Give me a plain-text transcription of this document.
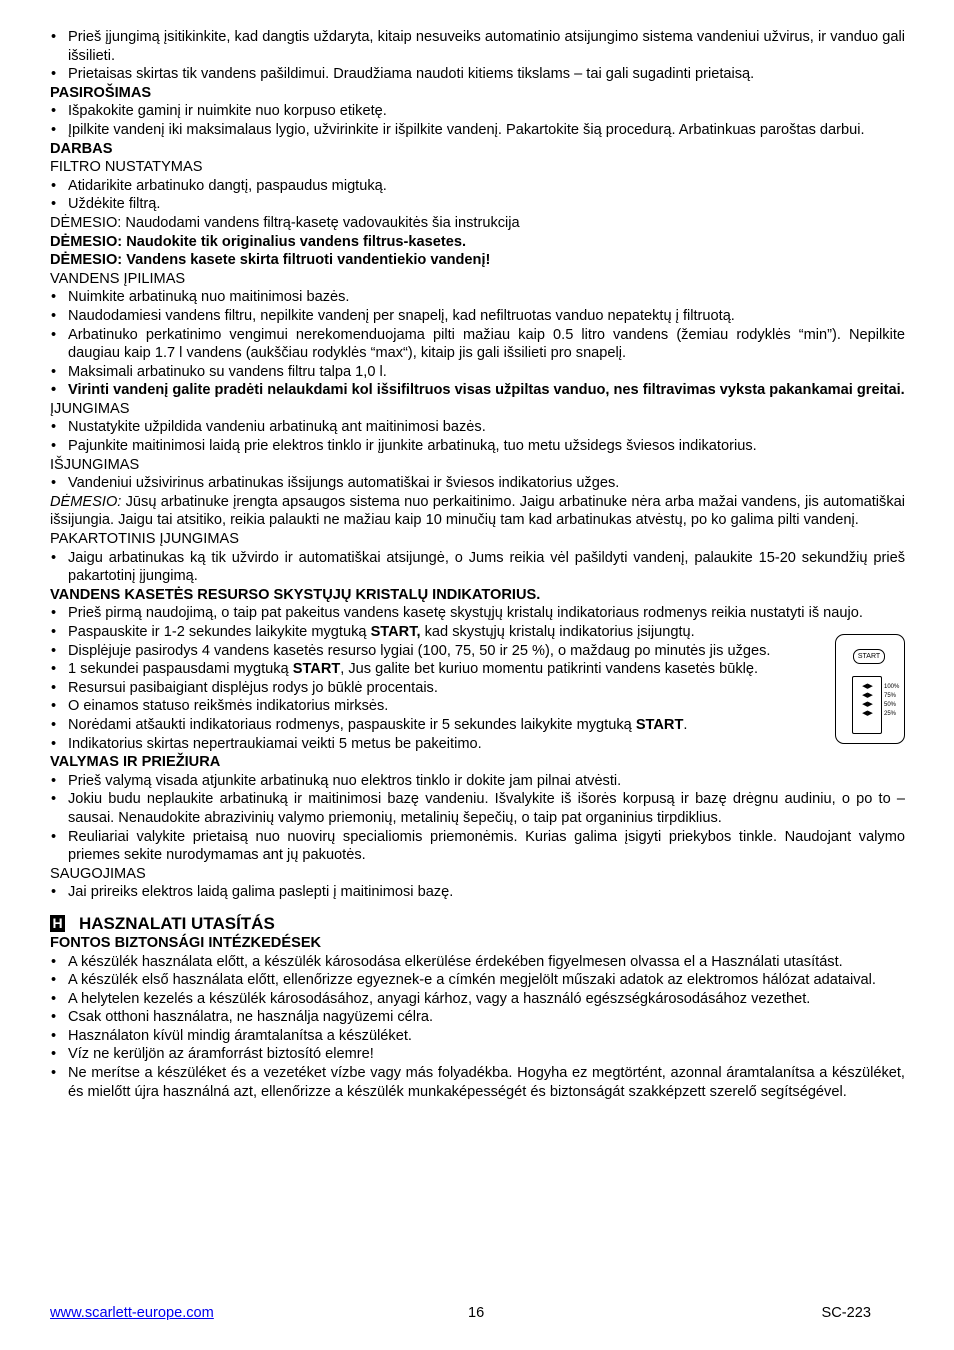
• Prieš įjungimą įsitikinkite, kad dangtis uždaryta, kitaip nesuveiks automatinio atsijungimo sistema vandeniui užvirus, ir vanduo gali išsilieti.
• Prietaisas skirtas tik vandens pašildimui. Draudžiama naudoti kitiems tikslams – tai gali sugadinti prietaisą.

PASIROŠIMAS

• Išpakokite gaminį ir nuimkite nuo korpuso etiketę.
• Įpilkite vandenį iki maksimalaus lygio, užvirinkite ir išpilkite vandenį. Pakartokite šią procedurą. Arbatinkuas paroštas darbui.

DARBAS

FILTRO NUSTATYMAS

• Atidarikite arbatinuko dangtį, paspaudus migtuką.
• Uždėkite filtrą.

DĖMESIO: Naudodami vandens filtrą-kasetę vadovaukitės šia instrukcija

DĖMESIO: Naudokite tik originalius vandens filtrus-kasetes.

DĖMESIO: Vandens kasete skirta filtruoti vandentiekio vandenį!

VANDENS ĮPILIMAS

• Nuimkite arbatinuką nuo maitinimosi bazės.
• Naudodamiesi vandens filtru, nepilkite vandenį per snapelį, kad nefiltruotas vanduo nepatektų į filtruotą.
• Arbatinuko perkatinimo vengimui nerekomenduojama pilti mažiau kaip 0.5 litro vandens (žemiau rodyklės “min”). Nepilkite daugiau kaip 1.7 l vandens (aukščiau rodyklės “max“), kitaip jis gali išsilieti pro snapelį.
• Maksimali arbatinuko su vandens filtru talpa 1,0 l.
• Virinti vandenį galite pradėti nelaukdami kol išsifiltruos visas užpiltas vanduo, nes filtravimas vyksta pakankamai greitai.

ĮJUNGIMAS

• Nustatykite užpildida vandeniu arbatinuką ant maitinimosi bazės.
• Pajunkite maitinimosi laidą prie elektros tinklo ir įjunkite arbatinuką, tuo metu užsidegs šviesos indikatorius.

IŠJUNGIMAS

• Vandeniui užsivirinus arbatinukas išsijungs automatiškai ir šviesos indikatorius užges.

DĖMESIO: Jūsų arbatinuke įrengta apsaugos sistema nuo perkaitinimo. Jaigu arbatinuke nėra arba mažai vandens, jis automatiškai išsijungia. Jaigu tai atsitiko, reikia palaukti ne mažiau kaip 10 minučių tam kad arbatinukas atvėstų, po ko galima pilti vandenį.

PAKARTOTINIS ĮJUNGIMAS

• Jaigu arbatinukas ką tik užvirdo ir automatiškai atsijungė, o Jums reikia vėl pašildyti vandenį, palaukite 15-20 sekundžių prieš pakartotinį įjungimą.

VANDENS KASETĖS RESURSO SKYSTŲJŲ KRISTALŲ INDIKATORIUS.

• Prieš pirmą naudojimą, o taip pat pakeitus vandens kasetę skystųjų kristalų indikatoriaus rodmenys reikia nustatyti iš naujo.
• Paspauskite ir 1-2 sekundes laikykite mygtuką START, kad skystųjų kristalų indikatorius įsijungtų.
• Displėjuje pasirodys 4 vandens kasetės resurso lygiai (100, 75, 50 ir 25 %), o maždaug po minutės jis užges.
• 1 sekundei paspausdami mygtuką START, Jus galite bet kuriuo momentu patikrinti vandens kasetės būklę.
• Resursui pasibaigiant displėjus rodys jo būklė procentais.
• O einamos statuso reikšmės indikatorius mirksės.
• Norėdami atšaukti indikatoriaus rodmenys, paspauskite ir 5 sekundes laikykite mygtuką START.
• Indikatorius skirtas nepertraukiamai veikti 5 metus be pakeitimo.
START
◀▶
◀▶
◀▶
◀▶
100%
75%
50%
25%

VALYMAS IR PRIEŽIURA

• Prieš valymą visada atjunkite arbatinuką nuo elektros tinklo ir dokite jam pilnai atvėsti.
• Jokiu budu neplaukite arbatinuką ir maitinimosi bazę vandeniu. Išvalykite iš išorės korpusą ir bazę drėgnu audiniu, o po to – sausai. Nenaudokite abrazivinių valymo priemonių, metalinių šepečių, o taip pat organinius tirpdiklius.
• Reuliariai valykite prietaisą nuo nuovirų specialiomis priemonėmis. Kurias galima įsigyti priekybos tinkle. Naudojant valymo priemes sekite nurodymamas ant jų pakuotės.

SAUGOJIMAS

• Jai prireiks elektros laidą galima paslepti į maitinimosi bazę.
H HASZNALATI UTASÍTÁS

FONTOS BIZTONSÁGI INTÉZKEDÉSEK

• A készülék használata előtt, a készülék károsodása elkerülése érdekében figyelmesen olvassa el a Használati utasítást.
• A készülék első használata előtt, ellenőrizze egyeznek-e a címkén megjelölt műszaki adatok az elektromos hálózat adataival.
• A helytelen kezelés a készülék károsodásához, anyagi kárhoz, vagy a használó egészségkárosodásához vezethet.
• Csak otthoni használatra, ne használja nagyüzemi célra.
• Használaton kívül mindig áramtalanítsa a készüléket.
• Víz ne kerüljön az áramforrást biztosító elemre!
• Ne merítse a készüléket és a vezetéket vízbe vagy más folyadékba. Hogyha ez megtörtént, azonnal áramtalanítsa a készüléket, és mielőtt újra használná azt, ellenőrizze a készülék munkaképességét és biztonságát szakképzett szerelő segítségével.
www.scarlett-europe.com	16	SC-223
